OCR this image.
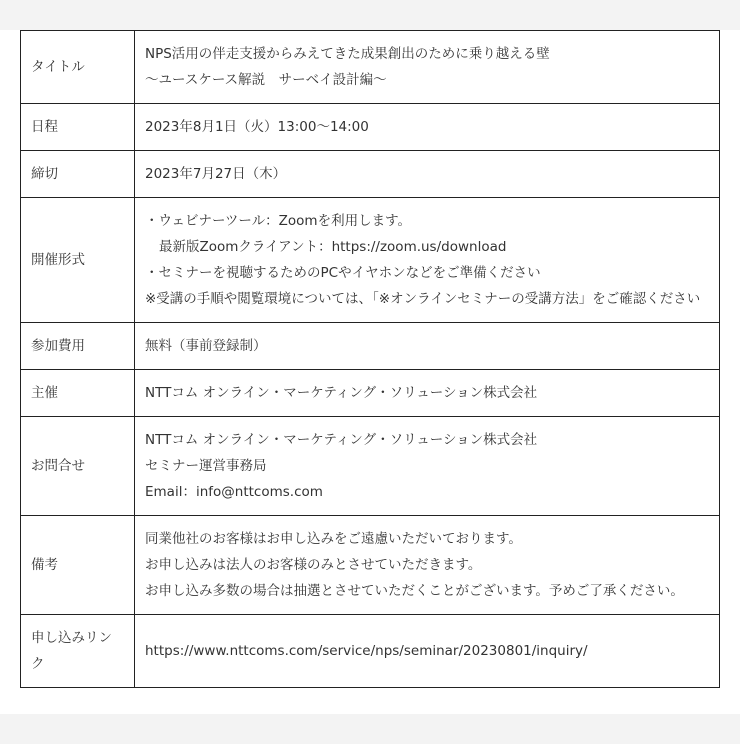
タイトル	NPS活用の伴走支援からみえてきた成果創出のために乗り越える壁
～ユースケース解説　サーベイ設計編～

日程	2023年8月1日（火）13:00～14:00

締切	2023年7月27日（木）

開催形式	・ウェビナーツール：Zoomを利用します。
最新版Zoomクライアント：https://zoom.us/download
・セミナーを視聴するためのPCやイヤホンなどをご準備ください
※受講の手順や閲覧環境については、「※オンラインセミナーの受講方法」をご確認ください

参加費用	無料（事前登録制）

主催	NTTコム オンライン・マーケティング・ソリューション株式会社

お問合せ	NTTコム オンライン・マーケティング・ソリューション株式会社
セミナー運営事務局
Email：info@nttcoms.com

備考	同業他社のお客様はお申し込みをご遠慮いただいております。
お申し込みは法人のお客様のみとさせていただきます。
お申し込み多数の場合は抽選とさせていただくことがございます。予めご了承ください。

申し込みリンク	https://www.nttcoms.com/service/nps/seminar/20230801/inquiry/
